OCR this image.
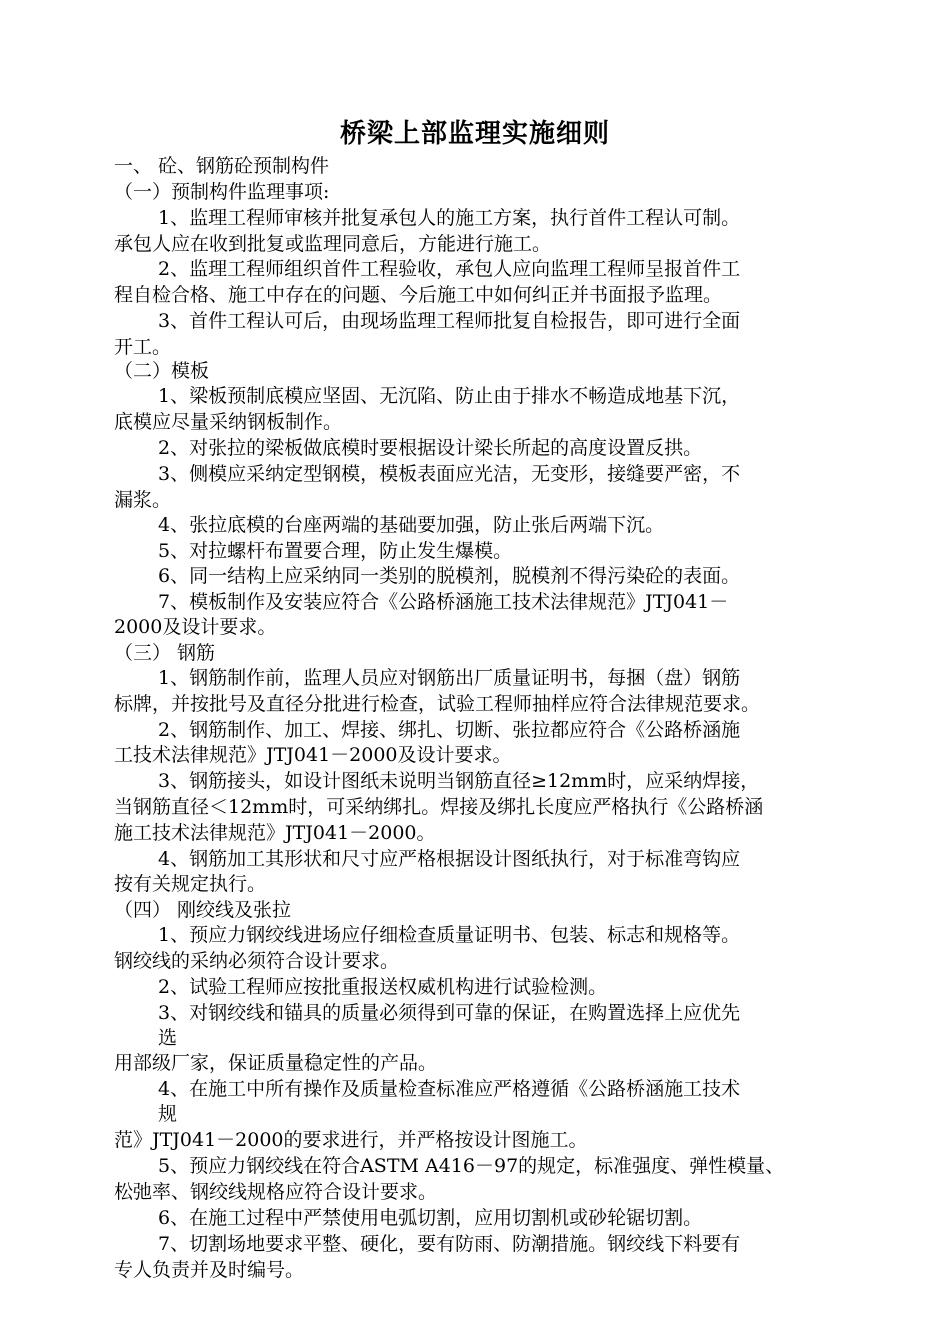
桥梁上部监理实施细则
一、 砼、钢筋砼预制构件
（一）预制构件监理事项:
1、监理工程师审核并批复承包人的施工方案，执行首件工程认可制。
承包人应在收到批复或监理同意后，方能进行施工。
2、监理工程师组织首件工程验收，承包人应向监理工程师呈报首件工
程自检合格、施工中存在的问题、今后施工中如何纠正并书面报予监理。
3、首件工程认可后，由现场监理工程师批复自检报告，即可进行全面
开工。
（二）模板
1、梁板预制底模应坚固、无沉陷、防止由于排水不畅造成地基下沉，
底模应尽量采纳钢板制作。
2、对张拉的梁板做底模时要根据设计梁长所起的高度设置反拱。
3、侧模应采纳定型钢模，模板表面应光洁，无变形，接缝要严密，不
漏浆。
4、张拉底模的台座两端的基础要加强，防止张后两端下沉。
5、对拉螺杆布置要合理，防止发生爆模。
6、同一结构上应采纳同一类别的脱模剂，脱模剂不得污染砼的表面。
7、模板制作及安装应符合《公路桥涵施工技术法律规范》JTJ041－
2000及设计要求。
（三） 钢筋
1、钢筋制作前，监理人员应对钢筋出厂质量证明书，每捆（盘）钢筋
标牌，并按批号及直径分批进行检查，试验工程师抽样应符合法律规范要求。
2、钢筋制作、加工、焊接、绑扎、切断、张拉都应符合《公路桥涵施
工技术法律规范》JTJ041－2000及设计要求。
3、钢筋接头，如设计图纸未说明当钢筋直径≥12mm时，应采纳焊接，
当钢筋直径＜12mm时，可采纳绑扎。焊接及绑扎长度应严格执行《公路桥涵
施工技术法律规范》JTJ041－2000。
4、钢筋加工其形状和尺寸应严格根据设计图纸执行，对于标准弯钩应
按有关规定执行。
（四） 刚绞线及张拉
1、预应力钢绞线进场应仔细检查质量证明书、包装、标志和规格等。
钢绞线的采纳必须符合设计要求。
2、试验工程师应按批重报送权威机构进行试验检测。
3、对钢绞线和锚具的质量必须得到可靠的保证，在购置选择上应优先
选
用部级厂家，保证质量稳定性的产品。
4、在施工中所有操作及质量检查标准应严格遵循《公路桥涵施工技术
规
范》JTJ041－2000的要求进行，并严格按设计图施工。
5、预应力钢绞线在符合ASTM A416－97的规定，标准强度、弹性模量、
松弛率、钢绞线规格应符合设计要求。
6、在施工过程中严禁使用电弧切割，应用切割机或砂轮锯切割。
7、切割场地要求平整、硬化，要有防雨、防潮措施。钢绞线下料要有
专人负责并及时编号。
